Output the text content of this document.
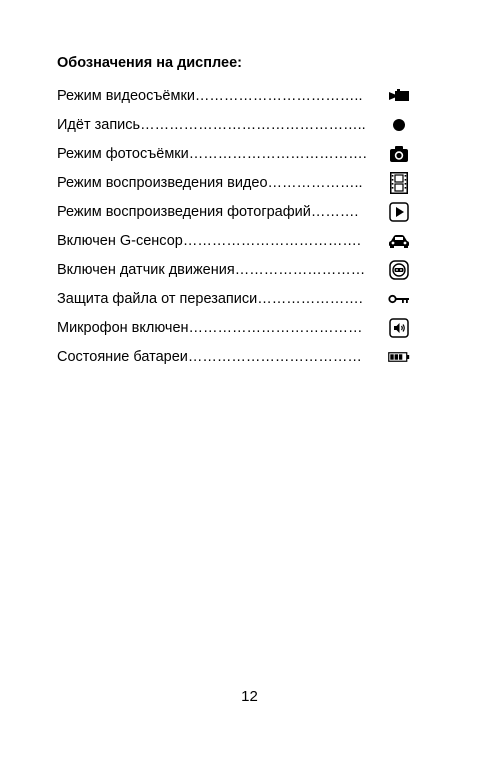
Обозначения на дисплее:
Режим видеосъёмки……………………………..
Идёт запись………………………………………..
Режим фотосъёмки……………………………….
Режим воспроизведения видео………………..
Режим воспроизведения фотографий……….
Включен G-сенсор……………………………….
Включен датчик движения………………………
Защита файла от перезаписи………………….
Микрофон включен………………………………
Состояние батареи………………………………
12
